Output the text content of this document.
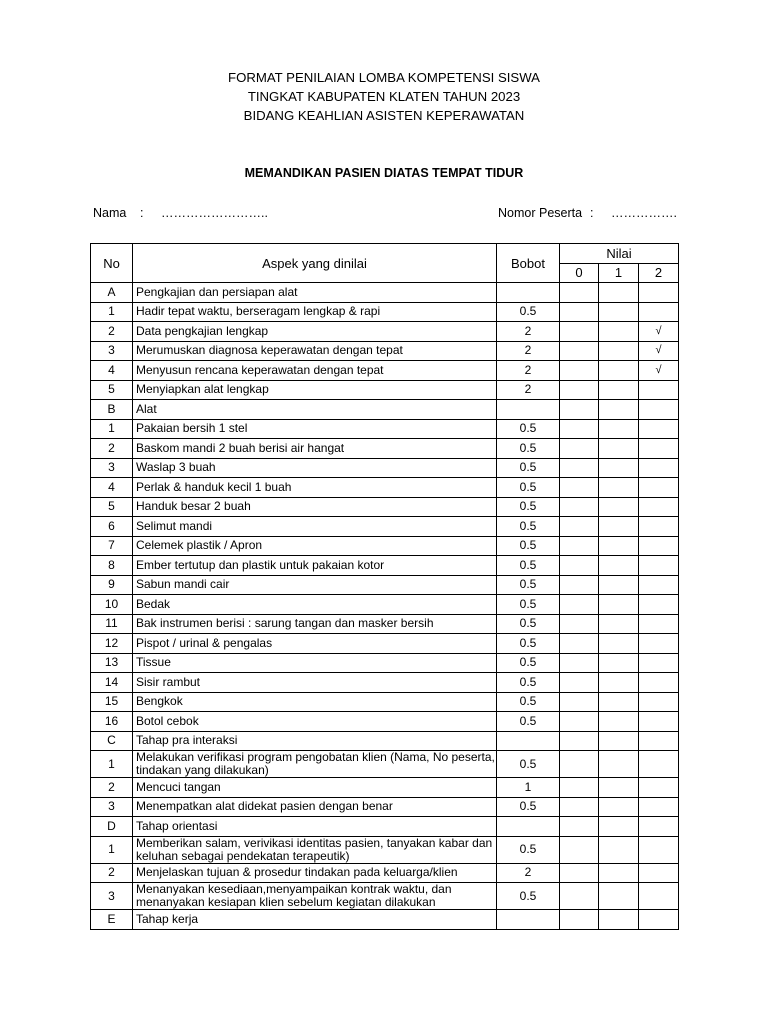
FORMAT PENILAIAN LOMBA KOMPETENSI SISWA
TINGKAT KABUPATEN KLATEN TAHUN 2023
BIDANG KEAHLIAN ASISTEN KEPERAWATAN
MEMANDIKAN PASIEN DIATAS TEMPAT TIDUR
Nama : ……………………..	Nomor Peserta : …………….
No	Aspek yang dinilai	Bobot	Nilai		
			0	1	2
A	Pengkajian dan persiapan alat				
1	Hadir tepat waktu, berseragam lengkap & rapi	0.5			
2	Data pengkajian lengkap	2			√
3	Merumuskan diagnosa keperawatan dengan tepat	2			√
4	Menyusun rencana keperawatan dengan tepat	2			√
5	Menyiapkan alat lengkap	2			
B	Alat				
1	Pakaian bersih 1 stel	0.5			
2	Baskom mandi 2 buah berisi air hangat	0.5			
3	Waslap 3 buah	0.5			
4	Perlak & handuk kecil 1 buah	0.5			
5	Handuk besar 2 buah	0.5			
6	Selimut mandi	0.5			
7	Celemek plastik / Apron	0.5			
8	Ember tertutup dan plastik untuk pakaian kotor	0.5			
9	Sabun mandi cair	0.5			
10	Bedak	0.5			
11	Bak instrumen berisi : sarung tangan dan masker bersih	0.5			
12	Pispot / urinal & pengalas	0.5			
13	Tissue	0.5			
14	Sisir rambut	0.5			
15	Bengkok	0.5			
16	Botol cebok	0.5			
C	Tahap pra interaksi				
1	Melakukan verifikasi program pengobatan klien (Nama, No peserta, tindakan yang dilakukan)	0.5			
2	Mencuci tangan	1			
3	Menempatkan alat didekat pasien dengan benar	0.5			
D	Tahap orientasi				
1	Memberikan salam, verivikasi identitas pasien, tanyakan kabar dan keluhan sebagai pendekatan terapeutik)	0.5			
2	Menjelaskan tujuan & prosedur tindakan pada keluarga/klien	2			
3	Menanyakan kesediaan,menyampaikan kontrak waktu, dan menanyakan kesiapan klien sebelum kegiatan dilakukan	0.5			
E	Tahap kerja				
